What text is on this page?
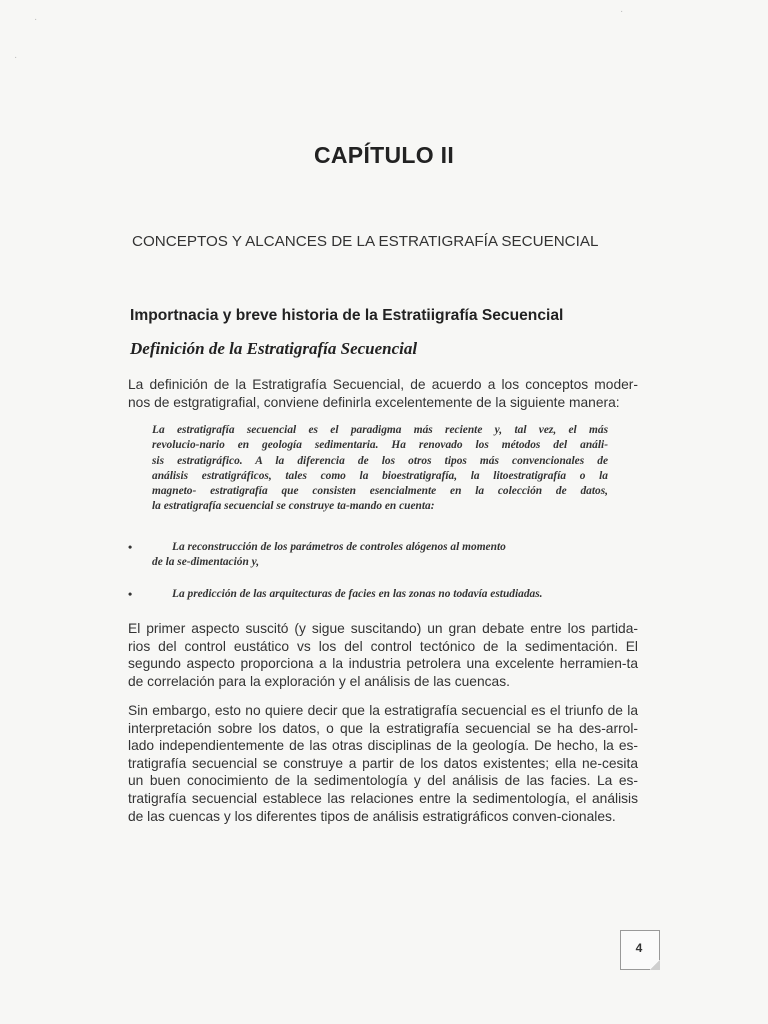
·
·
·
CAPÍTULO II
CONCEPTOS Y ALCANCES DE LA ESTRATIGRAFÍA SECUENCIAL
Importnacia y breve historia de la Estratiigrafía Secuencial
Definición de la Estratigrafía Secuencial
La definición de la Estratigrafía Secuencial, de acuerdo a los conceptos moder-
nos de estgratigrafial, conviene definirla excelentemente de la siguiente manera:
La estratigrafía secuencial es el paradigma más reciente y, tal vez, el más
revolucio-nario en geología sedimentaria. Ha renovado los métodos del análi-
sis estratigráfico. A la diferencia de los otros tipos más convencionales de
análisis estratigráficos, tales como la bioestratigrafía, la litoestratigrafía o la
magneto- estratigrafía que consisten esencialmente en la colección de datos,
la estratigrafía secuencial se construye ta-mando en cuenta:
•	La reconstrucción de los parámetros de controles alógenos al momento
de la se-dimentación y,
•	La predicción de las arquitecturas de facies en las zonas no todavía estudiadas.
El primer aspecto suscitó (y sigue suscitando) un gran debate entre los partida-
rios del control eustático vs los del control tectónico de la sedimentación. El
segundo aspecto proporciona a la industria petrolera una excelente herramien-ta
de correlación para la exploración y el análisis de las cuencas.
Sin embargo, esto no quiere decir que la estratigrafía secuencial es el triunfo de la
interpretación sobre los datos, o que la estratigrafía secuencial se ha des-arrol-
lado independientemente de las otras disciplinas de la geología. De hecho, la es-
tratigrafía secuencial se construye a partir de los datos existentes; ella ne-cesita
un buen conocimiento de la sedimentología y del análisis de las facies. La es-
tratigrafía secuencial establece las relaciones entre la sedimentología, el análisis
de las cuencas y los diferentes tipos de análisis estratigráficos conven-cionales.
4
